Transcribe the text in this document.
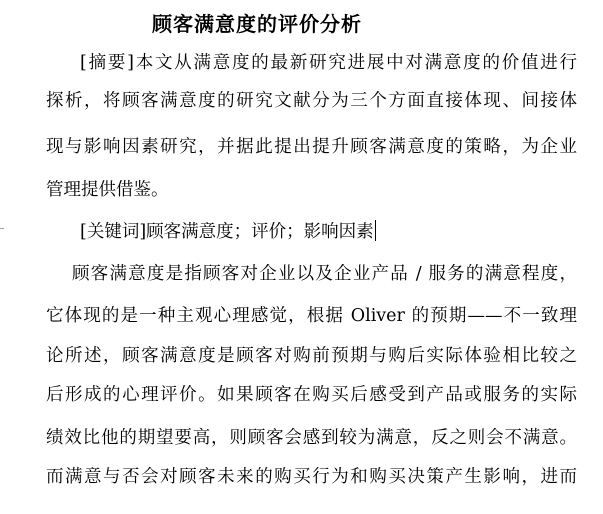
顾客满意度的评价分析
[摘要]本文从满意度的最新研究进展中对满意度的价值进行
探析，将顾客满意度的研究文献分为三个方面直接体现、间接体
现与影响因素研究，并据此提出提升顾客满意度的策略，为企业
管理提供借鉴。
[关键词]顾客满意度；评价；影响因素
顾客满意度是指顾客对企业以及企业产品 / 服务的满意程度，
它体现的是一种主观心理感觉，根据 Oliver 的预期——不一致理
论所述，顾客满意度是顾客对购前预期与购后实际体验相比较之
后形成的心理评价。如果顾客在购买后感受到产品或服务的实际
绩效比他的期望要高，则顾客会感到较为满意，反之则会不满意。
而满意与否会对顾客未来的购买行为和购买决策产生影响，进而
